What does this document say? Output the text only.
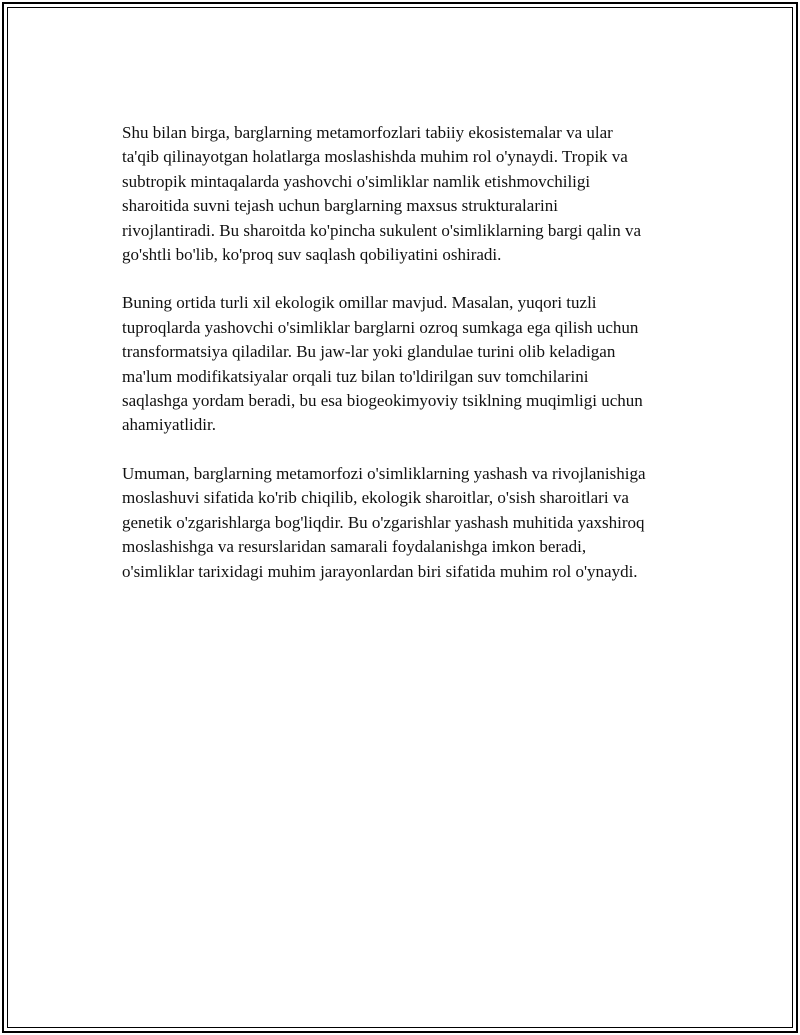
Shu bilan birga, barglarning metamorfozlari tabiiy ekosistemalar va ular
ta'qib qilinayotgan holatlarga moslashishda muhim rol o'ynaydi. Tropik va
subtropik mintaqalarda yashovchi o'simliklar namlik etishmovchiligi
sharoitida suvni tejash uchun barglarning maxsus strukturalarini
rivojlantiradi. Bu sharoitda ko'pincha sukulent o'simliklarning bargi qalin va
go'shtli bo'lib, ko'proq suv saqlash qobiliyatini oshiradi.

Buning ortida turli xil ekologik omillar mavjud. Masalan, yuqori tuzli
tuproqlarda yashovchi o'simliklar barglarni ozroq sumkaga ega qilish uchun
transformatsiya qiladilar. Bu jaw-lar yoki glandulae turini olib keladigan
ma'lum modifikatsiyalar orqali tuz bilan to'ldirilgan suv tomchilarini
saqlashga yordam beradi, bu esa biogeokimyoviy tsiklning muqimligi uchun
ahamiyatlidir.

Umuman, barglarning metamorfozi o'simliklarning yashash va rivojlanishiga
moslashuvi sifatida ko'rib chiqilib, ekologik sharoitlar, o'sish sharoitlari va
genetik o'zgarishlarga bog'liqdir. Bu o'zgarishlar yashash muhitida yaxshiroq
moslashishga va resurslaridan samarali foydalanishga imkon beradi,
o'simliklar tarixidagi muhim jarayonlardan biri sifatida muhim rol o'ynaydi.
